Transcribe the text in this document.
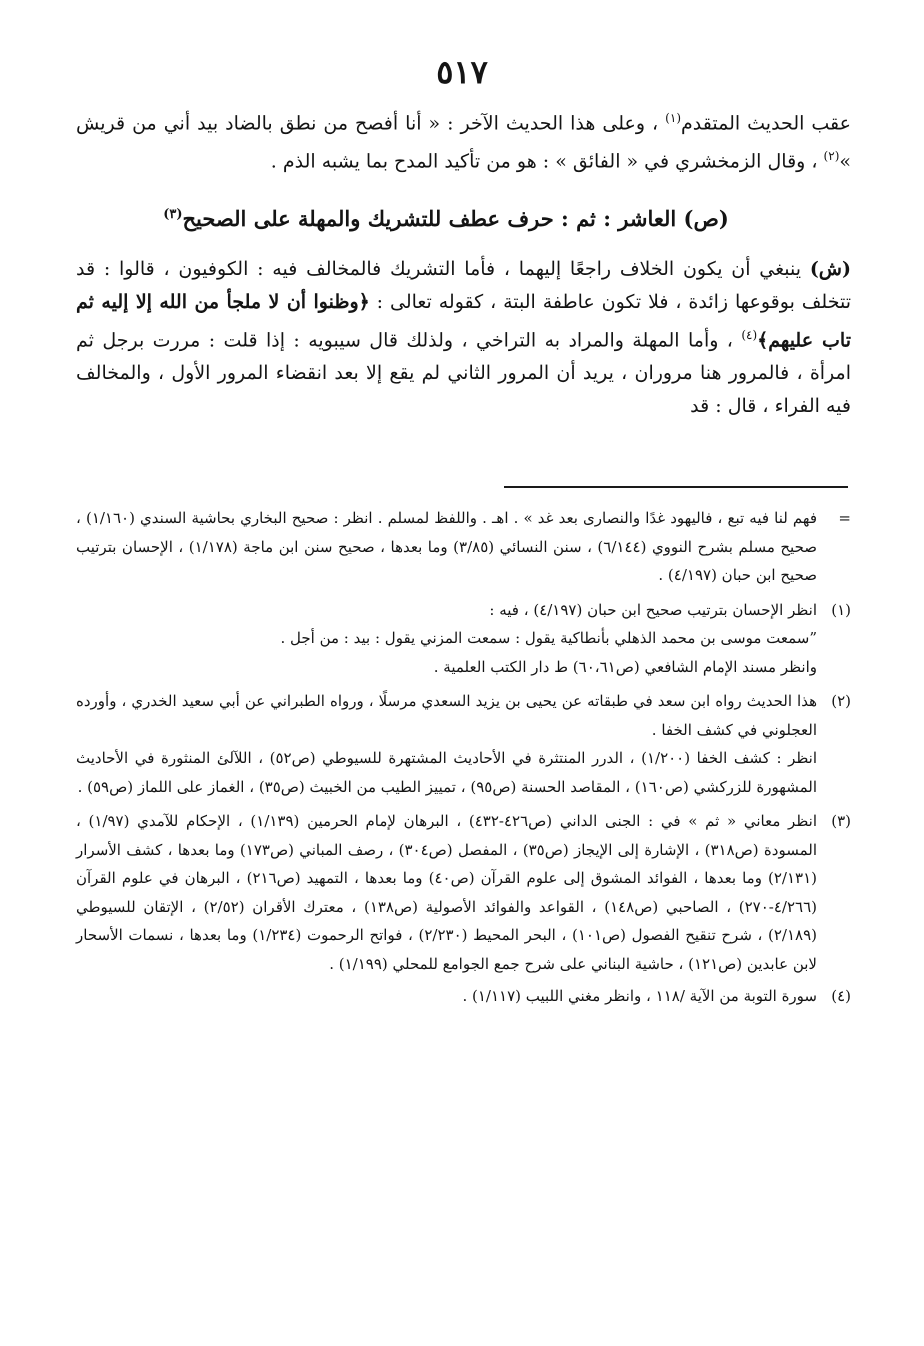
٥١٧

عقب الحديث المتقدم$^{(١)}$ ، وعلى هذا الحديث الآخر : « أنا أفصح من نطق بالضاد بيد أني من قريش »$^{(٢)}$ ، وقال الزمخشري في « الفائق » : هو من تأكيد المدح بما يشبه الذم .

(ص) العاشر : ثم : حرف عطف للتشريك والمهلة على الصحيح$^{(٣)}$

(ش) ينبغي أن يكون الخلاف راجعًا إليهما ، فأما التشريك فالمخالف فيه : الكوفيون ، قالوا : قد تتخلف بوقوعها زائدة ، فلا تكون عاطفة البتة ، كقوله تعالى : ﴿وظنوا أن لا ملجأ من الله إلا إليه ثم تاب عليهم﴾$^{(٤)}$ ، وأما المهلة والمراد به التراخي ، ولذلك قال سيبويه : إذا قلت : مررت برجل ثم امرأة ، فالمرور هنا مروران ، يريد أن المرور الثاني لم يقع إلا بعد انقضاء المرور الأول ، والمخالف فيه الفراء ، قال : قد

=
فهم لنا فيه تبع ، فاليهود غدًا والنصارى بعد غد » . اهـ . واللفظ لمسلم . انظر : صحيح البخاري بحاشية السندي (١/١٦٠) ، صحيح مسلم بشرح النووي (٦/١٤٤) ، سنن النسائي (٣/٨٥) وما بعدها ، صحيح سنن ابن ماجة (١/١٧٨) ، الإحسان بترتيب صحيح ابن حبان (٤/١٩٧) .

(١)
انظر الإحسان بترتيب صحيح ابن حبان (٤/١٩٧) ، فيه :
”سمعت موسى بن محمد الذهلي بأنطاكية يقول : سمعت المزني يقول : بيد : من أجل .
وانظر مسند الإمام الشافعي (ص٦٠،٦١) ط دار الكتب العلمية .

(٢)
هذا الحديث رواه ابن سعد في طبقاته عن يحيى بن يزيد السعدي مرسلًا ، ورواه الطبراني عن أبي سعيد الخدري ، وأورده العجلوني في كشف الخفا .
انظر : كشف الخفا (١/٢٠٠) ، الدرر المنتثرة في الأحاديث المشتهرة للسيوطي (ص٥٢) ، اللآلئ المنثورة في الأحاديث المشهورة للزركشي (ص١٦٠) ، المقاصد الحسنة (ص٩٥) ، تمييز الطيب من الخبيث (ص٣٥) ، الغماز على اللماز (ص٥٩) .

(٣)
انظر معاني « ثم » في : الجنى الداني (ص٤٢٦-٤٣٢) ، البرهان لإمام الحرمين (١/١٣٩) ، الإحكام للآمدي (١/٩٧) ، المسودة (ص٣١٨) ، الإشارة إلى الإيجاز (ص٣٥) ، المفصل (ص٣٠٤) ، رصف المباني (ص١٧٣) وما بعدها ، كشف الأسرار (٢/١٣١) وما بعدها ، الفوائد المشوق إلى علوم القرآن (ص٤٠) وما بعدها ، التمهيد (ص٢١٦) ، البرهان في علوم القرآن (٤/٢٦٦-٢٧٠) ، الصاحبي (ص١٤٨) ، القواعد والفوائد الأصولية (ص١٣٨) ، معترك الأقران (٢/٥٢) ، الإتقان للسيوطي (٢/١٨٩) ، شرح تنقيح الفصول (ص١٠١) ، البحر المحيط (٢/٢٣٠) ، فواتح الرحموت (١/٢٣٤) وما بعدها ، نسمات الأسحار لابن عابدين (ص١٢١) ، حاشية البناني على شرح جمع الجوامع للمحلي (١/١٩٩) .

(٤)
سورة التوبة من الآية /١١٨ ، وانظر مغني اللبيب (١/١١٧) .
